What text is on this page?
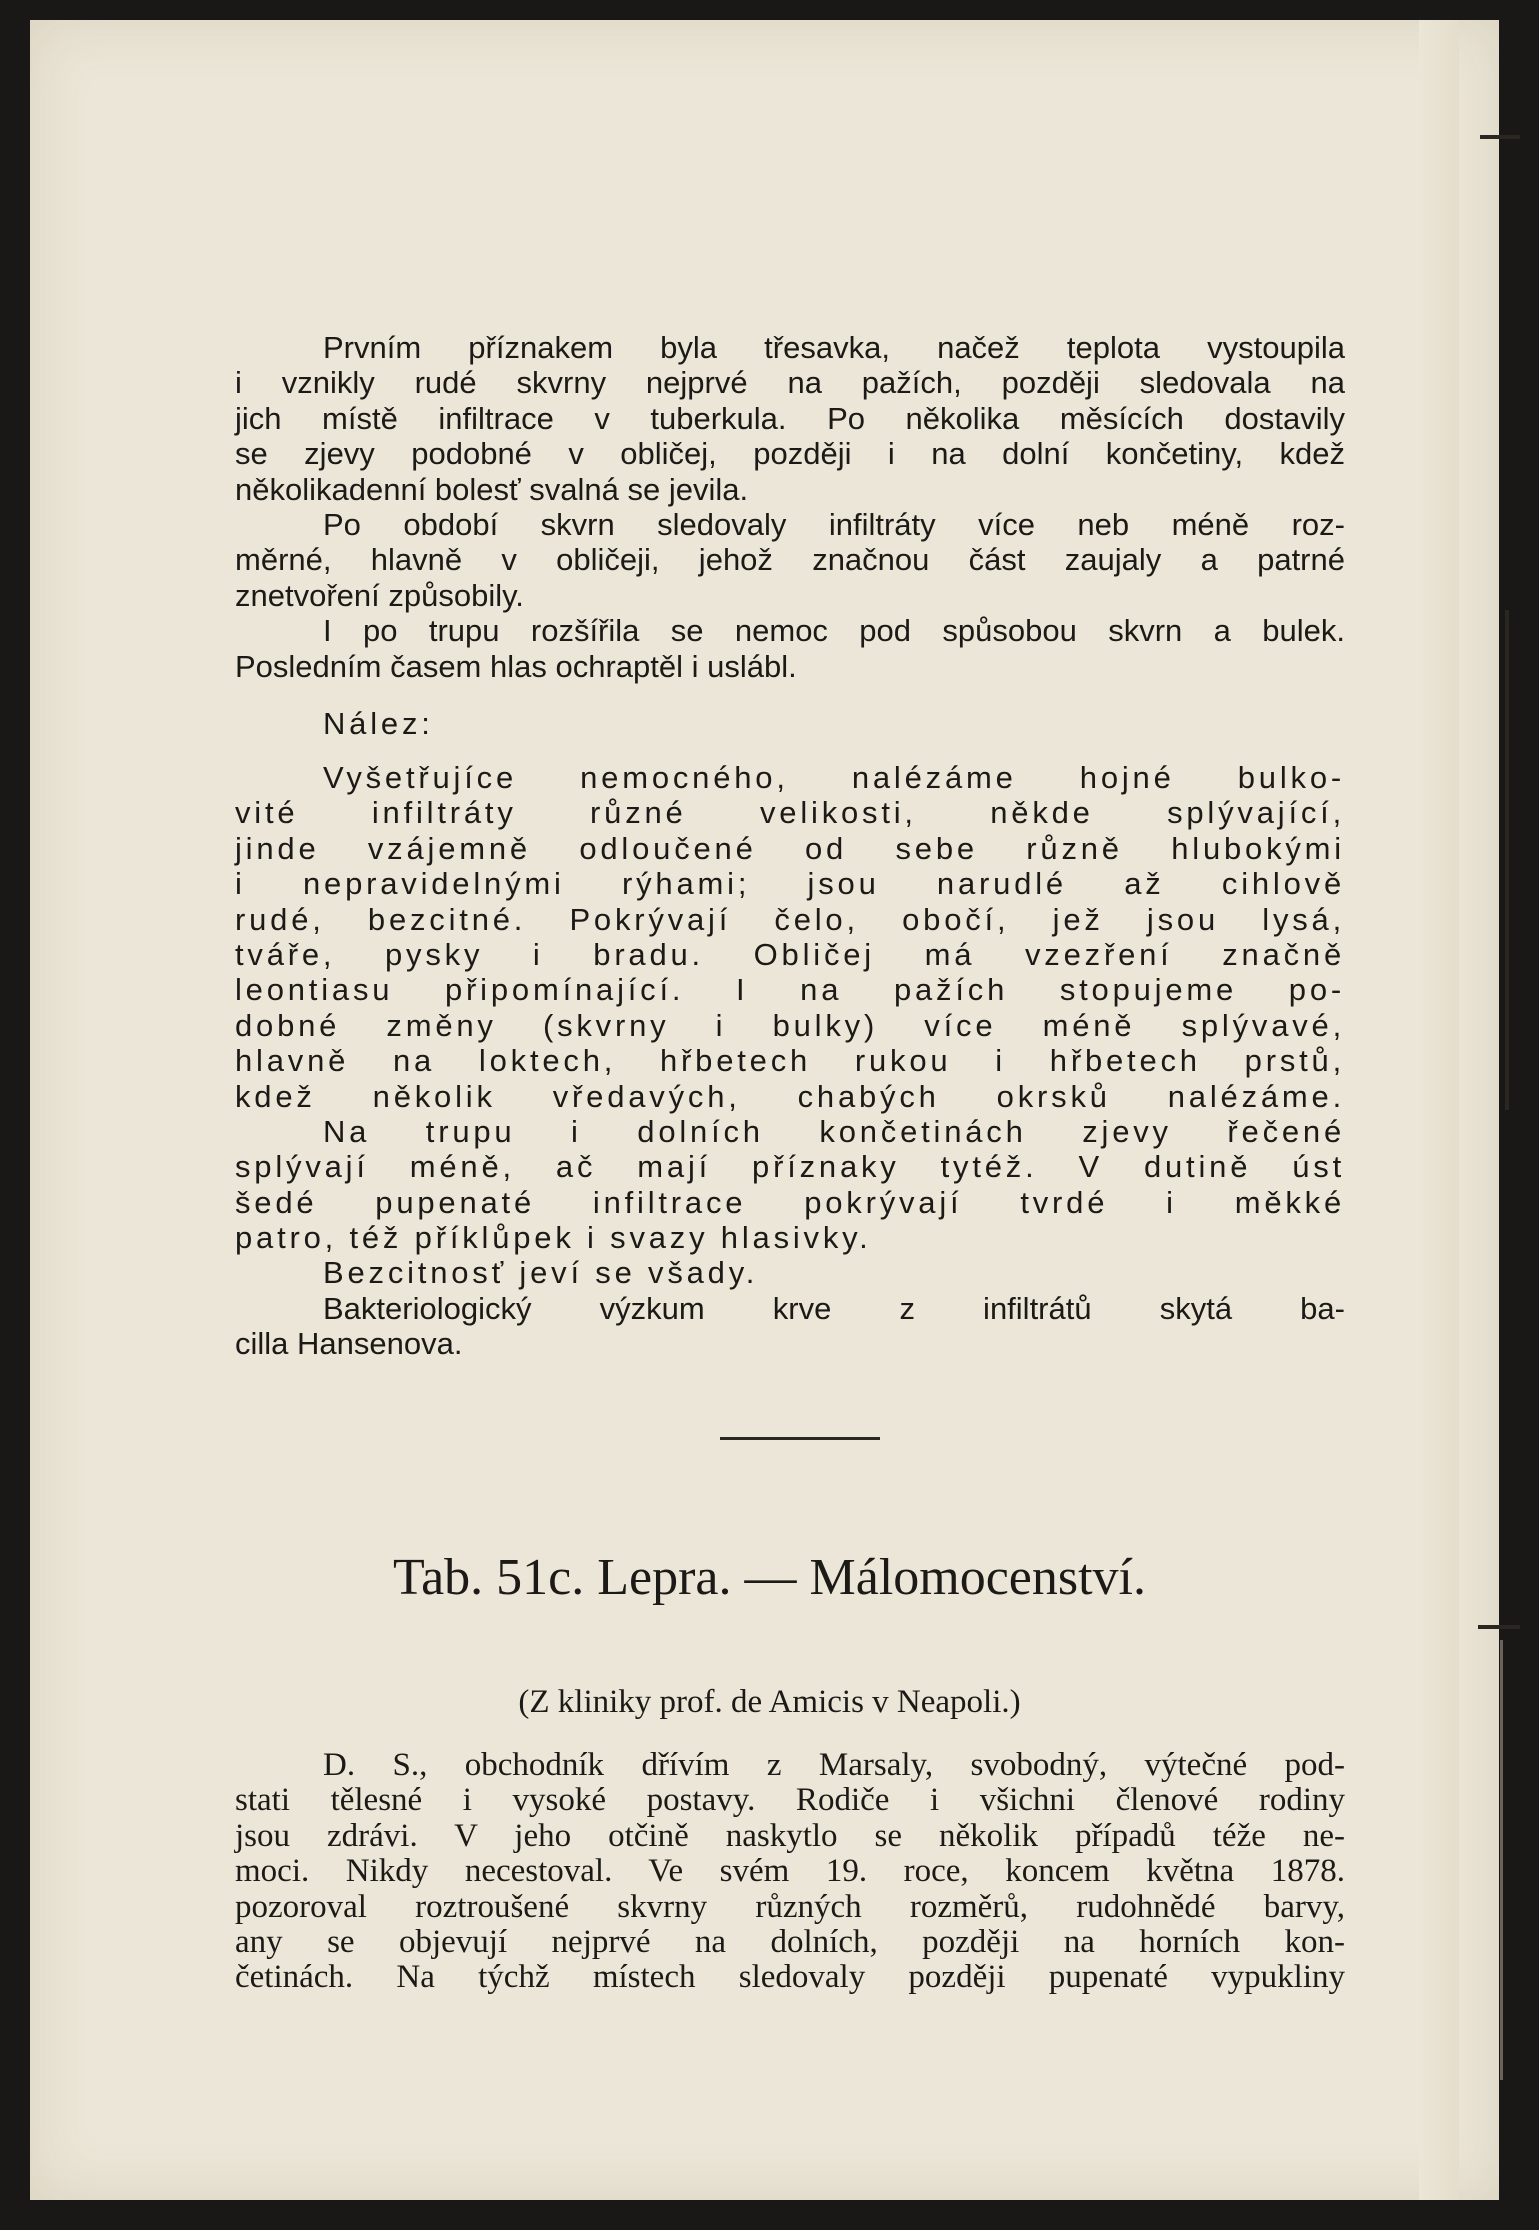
Prvním příznakem byla třesavka, načež teplota vystoupila
i vznikly rudé skvrny nejprvé na pažích, později sledovala na
jich místě infiltrace v tuberkula. Po několika měsících dostavily
se zjevy podobné v obličej, později i na dolní končetiny, kdež
několikadenní bolesť svalná se jevila.
Po období skvrn sledovaly infiltráty více neb méně roz-
měrné, hlavně v obličeji, jehož značnou část zaujaly a patrné
znetvoření způsobily.
I po trupu rozšířila se nemoc pod spůsobou skvrn a bulek.
Posledním časem hlas ochraptěl i uslábl.
Nález:
Vyšetřujíce nemocného, nalézáme hojné bulko-
vité infiltráty různé velikosti, někde splývající,
jinde vzájemně odloučené od sebe různě hlubokými
i nepravidelnými rýhami; jsou narudlé až cihlově
rudé, bezcitné. Pokrývají čelo, obočí, jež jsou lysá,
tváře, pysky i bradu. Obličej má vzezření značně
leontiasu připomínající. I na pažích stopujeme po-
dobné změny (skvrny i bulky) více méně splývavé,
hlavně na loktech, hřbetech rukou i hřbetech prstů,
kdež několik vředavých, chabých okrsků nalézáme.
Na trupu i dolních končetinách zjevy řečené
splývají méně, ač mají příznaky tytéž. V dutině úst
šedé pupenaté infiltrace pokrývají tvrdé i měkké
patro, též příklůpek i svazy hlasivky.
Bezcitnosť jeví se všady.
Bakteriologický výzkum krve z infiltrátů skytá ba-
cilla Hansenova.
Tab. 51c. Lepra. — Málomocenství.
(Z kliniky prof. de Amicis v Neapoli.)
D. S., obchodník dřívím z Marsaly, svobodný, výtečné pod-
stati tělesné i vysoké postavy. Rodiče i všichni členové rodiny
jsou zdrávi. V jeho otčině naskytlo se několik případů téže ne-
moci. Nikdy necestoval. Ve svém 19. roce, koncem května 1878.
pozoroval roztroušené skvrny různých rozměrů, rudohnědé barvy,
any se objevují nejprvé na dolních, později na horních kon-
četinách. Na týchž místech sledovaly později pupenaté vypukliny
